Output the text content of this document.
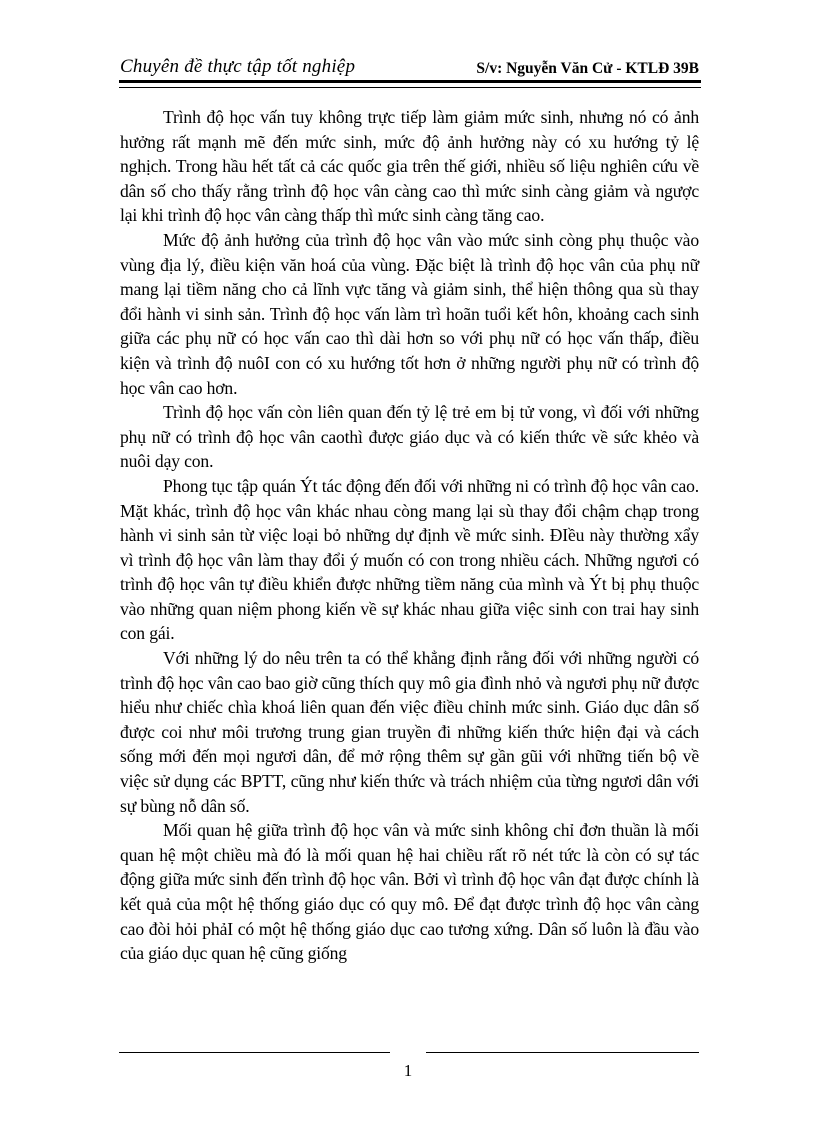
Chuyên đề thực tập tốt nghiệp	S/v: Nguyễn Văn Cử - KTLĐ 39B

Trình độ học vấn tuy không trực tiếp làm giảm mức sinh, nhưng nó có ảnh hưởng rất mạnh mẽ đến mức sinh, mức độ ảnh hưởng này có xu hướng tỷ lệ nghịch. Trong hầu hết tất cả các quốc gia trên thế giới, nhiều số liệu nghiên cứu về dân số cho thấy rằng trình độ học vân càng cao thì mức sinh càng giảm và ngược lại khi trình độ học vân càng thấp thì mức sinh càng tăng cao.

Mức độ ảnh hưởng của trình độ học vân vào mức sinh còng phụ thuộc vào vùng địa lý, điều kiện văn hoá của vùng. Đặc biệt là trình độ học vân của phụ nữ mang lại tiềm năng cho cả lĩnh vực tăng và giảm sinh, thể hiện thông qua sù thay đổi hành vi sinh sản. Trình độ học vấn làm trì hoãn tuổi kết hôn, khoảng cach sinh giữa các phụ nữ có học vấn cao thì dài hơn so với phụ nữ có học vấn thấp, điều kiện và trình độ nuôI con có xu hướng tốt hơn ở những người phụ nữ có trình độ học vân cao hơn.

Trình độ học vấn còn liên quan đến tỷ lệ trẻ em bị tử vong, vì đối với những phụ nữ có trình độ học vân caothì được giáo dục và có kiến thức về sức khẻo và nuôi dạy con.

Phong tục tập quán Ýt tác động đến đối với những ni có trình độ học vân cao. Mặt khác, trình độ học vân khác nhau còng mang lại sù thay đổi chậm chạp trong hành vi sinh sản từ việc loại bỏ những dự định về mức sinh. ĐIều này thường xẩy vì trình độ học vân làm thay đổi ý muốn có con trong nhiều cách. Những ngươi có trình độ học vân tự điều khiển được những tiềm năng của mình và Ýt bị phụ thuộc vào những quan niệm phong kiến về sự khác nhau giữa việc sinh con trai hay sinh con gái.

Với những lý do nêu trên ta có thể khẳng định rằng đối với những người có trình độ học vân cao bao giờ cũng thích quy mô gia đình nhỏ và ngươi phụ nữ được hiểu như chiếc chìa khoá liên quan đến việc điều chỉnh mức sinh. Giáo dục dân số được coi như môi trương trung gian truyền đi những kiến thức hiện đại và cách sống mới đến mọi ngươi dân, để mở rộng thêm sự gần gũi với những tiến bộ về việc sử dụng các BPTT, cũng như kiến thức và trách nhiệm của từng ngươi dân với sự bùng nỗ dân số.

Mối quan hệ giữa trình độ học vân và mức sinh không chỉ đơn thuần là mối quan hệ một chiều mà đó là mối quan hệ hai chiều rất rõ nét tức là còn có sự tác động giữa mức sinh đến trình độ học vân. Bởi vì trình độ học vân đạt được chính là kết quả của một hệ thống giáo dục có quy mô. Để đạt được trình độ học vân càng cao đòi hỏi phảI có một hệ thống giáo dục cao tương xứng. Dân số luôn là đầu vào của giáo dục quan hệ cũng giống

1
